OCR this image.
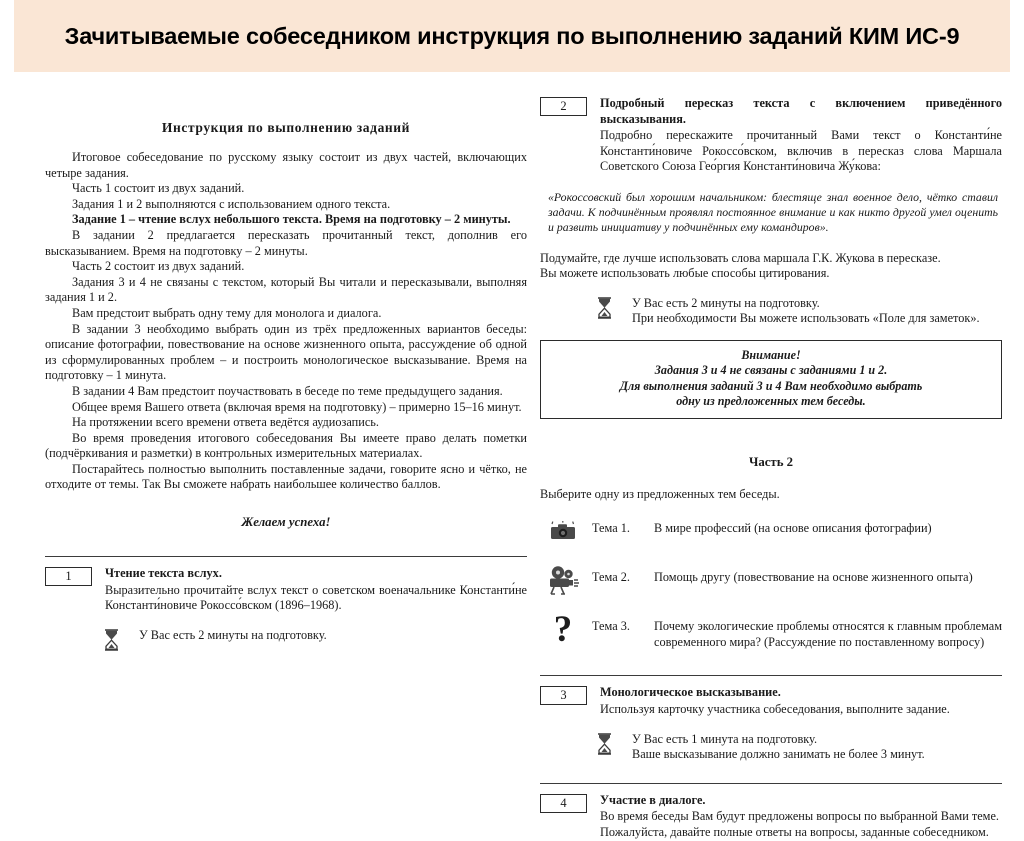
Зачитываемые собеседником инструкция по выполнению заданий КИМ ИС-9
Инструкция по выполнению заданий

Итоговое собеседование по русскому языку состоит из двух частей, включающих четыре задания.

Часть 1 состоит из двух заданий.

Задания 1 и 2 выполняются с использованием одного текста.

Задание 1 – чтение вслух небольшого текста. Время на подготовку – 2 минуты.

В задании 2 предлагается пересказать прочитанный текст, дополнив его высказыванием. Время на подготовку – 2 минуты.

Часть 2 состоит из двух заданий.

Задания 3 и 4 не связаны с текстом, который Вы читали и пересказывали, выполняя задания 1 и 2.

Вам предстоит выбрать одну тему для монолога и диалога.

В задании 3 необходимо выбрать один из трёх предложенных вариантов беседы: описание фотографии, повествование на основе жизненного опыта, рассуждение об одной из сформулированных проблем – и построить монологическое высказывание. Время на подготовку – 1 минута.

В задании 4 Вам предстоит поучаствовать в беседе по теме предыдущего задания.

Общее время Вашего ответа (включая время на подготовку) – примерно 15–16 минут.

На протяжении всего времени ответа ведётся аудиозапись.

Во время проведения итогового собеседования Вы имеете право делать пометки (подчёркивания и разметки) в контрольных измерительных материалах.

Постарайтесь полностью выполнить поставленные задачи, говорите ясно и чётко, не отходите от темы. Так Вы сможете набрать наибольшее количество баллов.

Желаем успеха!
1	Чтение текста вслух.

Выразительно прочитайте вслух текст о советском военачальнике Константи́не Константи́новиче Рокоссо́вском (1896–1968).

У Вас есть 2 минуты на подготовку.
2	Подробный пересказ текста с включением приведённого высказывания.

Подробно перескажите прочитанный Вами текст о Константи́не Константи́новиче Рокоссо́вском, включив в пересказ слова Маршала Советского Союза Гео́ргия Константи́новича Жу́кова:

«Рокоссовский был хорошим начальником: блестяще знал военное дело, чётко ставил задачи. К подчинённым проявлял постоянное внимание и как никто другой умел оценить и развить инициативу у подчинённых ему командиров».
Подумайте, где лучше использовать слова маршала Г.К. Жукова в пересказе.
Вы можете использовать любые способы цитирования.
У Вас есть 2 минуты на подготовку.
При необходимости Вы можете использовать «Поле для заметок».
Внимание!
Задания 3 и 4 не связаны с заданиями 1 и 2.
Для выполнения заданий 3 и 4 Вам необходимо выбрать
одну из предложенных тем беседы.
Часть 2
Выберите одну из предложенных тем беседы.
Тема 1.	В мире профессий (на основе описания фотографии)
Тема 2.	Помощь другу (повествование на основе жизненного опыта)
? Тема 3.	Почему экологические проблемы относятся к главным проблемам современного мира? (Рассуждение по поставленному вопросу)
3	Монологическое высказывание.

Используя карточку участника собеседования, выполните задание.

У Вас есть 1 минута на подготовку.
Ваше высказывание должно занимать не более 3 минут.
4	Участие в диалоге.

Во время беседы Вам будут предложены вопросы по выбранной Вами теме.

Пожалуйста, давайте полные ответы на вопросы, заданные собеседником.
